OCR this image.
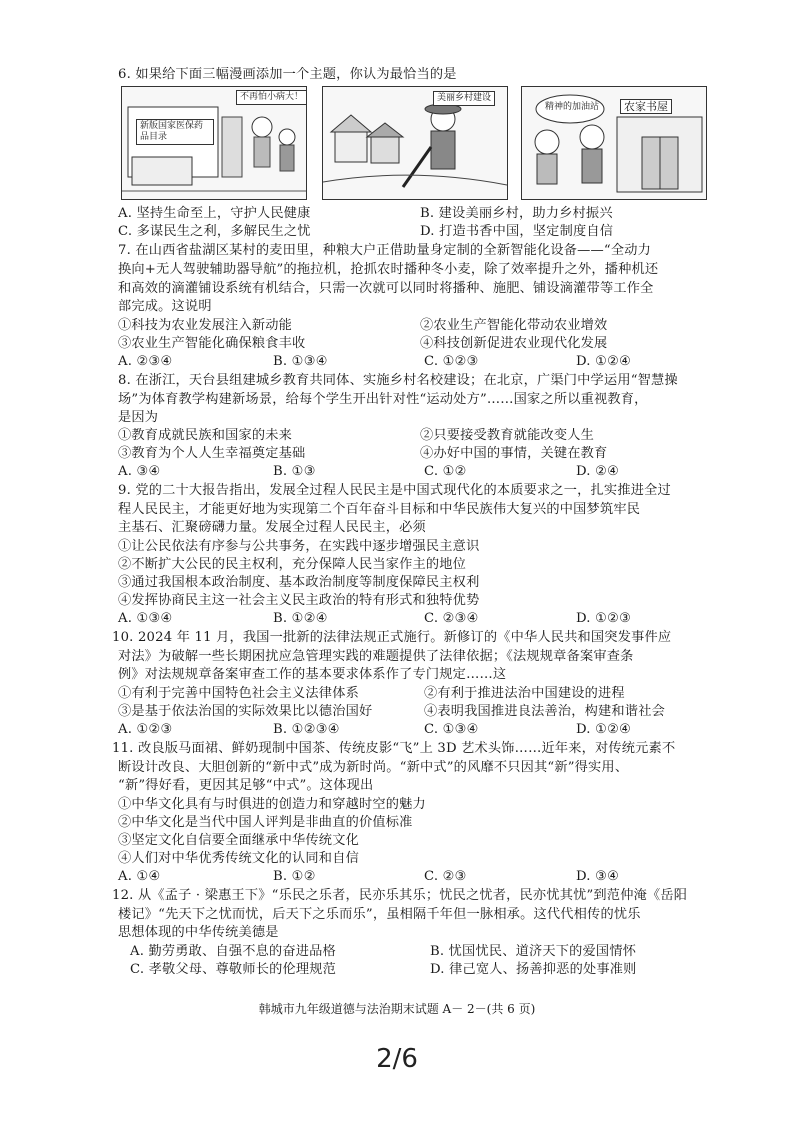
6. 如果给下面三幅漫画添加一个主题，你认为最恰当的是
不再怕小病大！
新版国家医保药品目录
美丽乡村建设
精神的加油站	农家书屋
A. 坚持生命至上，守护人民健康	B. 建设美丽乡村，助力乡村振兴
C. 多谋民生之利，多解民生之忧	D. 打造书香中国，坚定制度自信
7. 在山西省盐湖区某村的麦田里，种粮大户正借助量身定制的全新智能化设备——“全动力
换向+无人驾驶辅助器导航”的拖拉机，抢抓农时播种冬小麦，除了效率提升之外，播种机还
和高效的滴灌铺设系统有机结合，只需一次就可以同时将播种、施肥、铺设滴灌带等工作全
部完成。这说明
①科技为农业发展注入新动能	②农业生产智能化带动农业增效
③农业生产智能化确保粮食丰收	④科技创新促进农业现代化发展
A. ②③④	B. ①③④	C. ①②③	D. ①②④
8. 在浙江，天台县组建城乡教育共同体、实施乡村名校建设；在北京，广渠门中学运用“智慧操
场”为体育教学构建新场景，给每个学生开出针对性“运动处方”……国家之所以重视教育，
是因为
①教育成就民族和国家的未来	②只要接受教育就能改变人生
③教育为个人人生幸福奠定基础	④办好中国的事情，关键在教育
A. ③④	B. ①③	C. ①②	D. ②④
9. 党的二十大报告指出，发展全过程人民民主是中国式现代化的本质要求之一，扎实推进全过
程人民民主，才能更好地为实现第二个百年奋斗目标和中华民族伟大复兴的中国梦筑牢民
主基石、汇聚磅礴力量。发展全过程人民民主，必须
①让公民依法有序参与公共事务，在实践中逐步增强民主意识
②不断扩大公民的民主权利，充分保障人民当家作主的地位
③通过我国根本政治制度、基本政治制度等制度保障民主权利
④发挥协商民主这一社会主义民主政治的特有形式和独特优势
A. ①③④	B. ①②④	C. ②③④	D. ①②③
10. 2024 年 11 月，我国一批新的法律法规正式施行。新修订的《中华人民共和国突发事件应
对法》为破解一些长期困扰应急管理实践的难题提供了法律依据；《法规规章备案审查条
例》对法规规章备案审查工作的基本要求体系作了专门规定……这
①有利于完善中国特色社会主义法律体系	②有利于推进法治中国建设的进程
③是基于依法治国的实际效果比以德治国好	④表明我国推进良法善治，构建和谐社会
A. ①②③	B. ①②③④	C. ①③④	D. ①②④
11. 改良版马面裙、鲜奶现制中国茶、传统皮影“飞”上 3D 艺术头饰……近年来，对传统元素不
断设计改良、大胆创新的“新中式”成为新时尚。“新中式”的风靡不只因其“新”得实用、
“新”得好看，更因其足够“中式”。这体现出
①中华文化具有与时俱进的创造力和穿越时空的魅力
②中华文化是当代中国人评判是非曲直的价值标准
③坚定文化自信要全面继承中华传统文化
④人们对中华优秀传统文化的认同和自信
A. ①④	B. ①②	C. ②③	D. ③④
12. 从《孟子 · 梁惠王下》“乐民之乐者，民亦乐其乐；忧民之忧者，民亦忧其忧”到范仲淹《岳阳
楼记》“先天下之忧而忧，后天下之乐而乐”，虽相隔千年但一脉相承。这代代相传的忧乐
思想体现的中华传统美德是
A. 勤劳勇敢、自强不息的奋进品格	B. 忧国忧民、道济天下的爱国情怀
C. 孝敬父母、尊敬师长的伦理规范	D. 律己宽人、扬善抑恶的处事准则
韩城市九年级道德与法治期末试题 A－ 2－(共 6 页)
2/6
